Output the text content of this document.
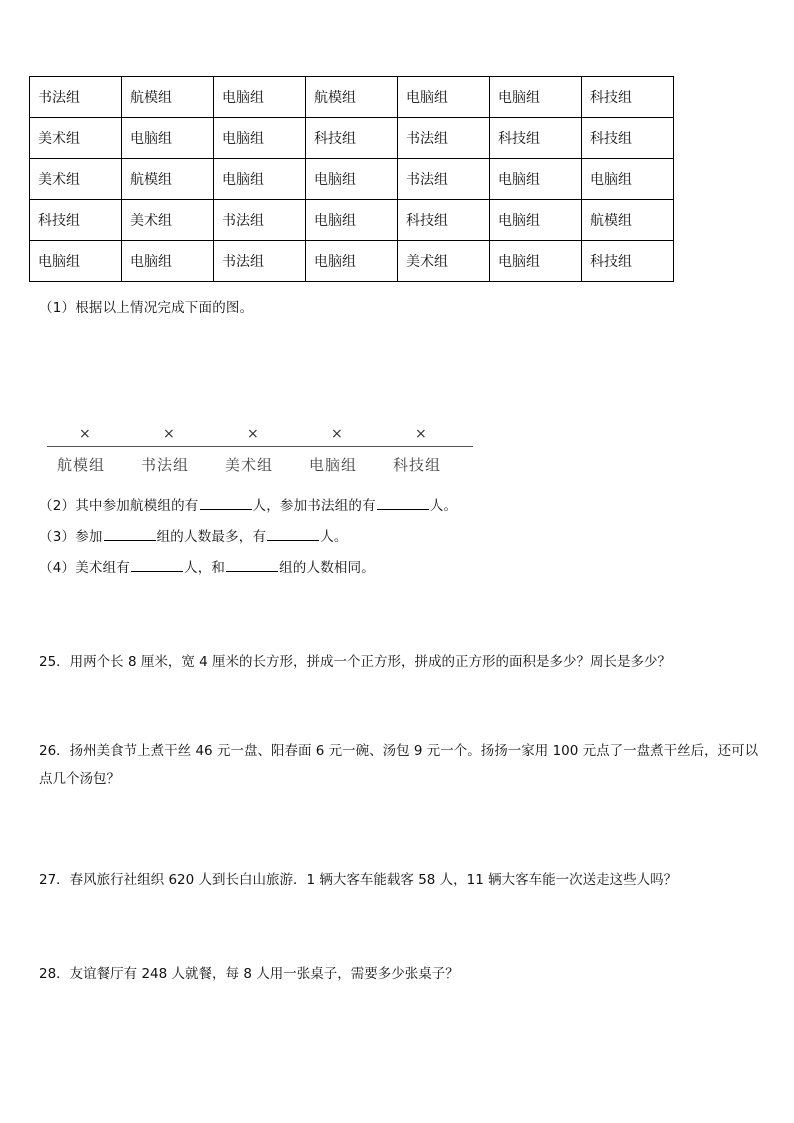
书法组	航模组	电脑组	航模组	电脑组	电脑组	科技组
美术组	电脑组	电脑组	科技组	书法组	科技组	科技组
美术组	航模组	电脑组	电脑组	书法组	电脑组	电脑组
科技组	美术组	书法组	电脑组	科技组	电脑组	航模组
电脑组	电脑组	书法组	电脑组	美术组	电脑组	科技组
（1）根据以上情况完成下面的图。
×	×	×	×	×
航模组 书法组 美术组 电脑组 科技组
（2）其中参加航模组的有	人，参加书法组的有	人。
（3）参加	组的人数最多，有	人。
（4）美术组有	人，和	组的人数相同。
25．用两个长 8 厘米，宽 4 厘米的长方形，拼成一个正方形，拼成的正方形的面积是多少？周长是多少？
26．扬州美食节上煮干丝 46 元一盘、阳春面 6 元一碗、汤包 9 元一个。扬扬一家用 100 元点了一盘煮干丝后，还可以点几个汤包？
27．春风旅行社组织 620 人到长白山旅游．1 辆大客车能载客 58 人，11 辆大客车能一次送走这些人吗？
28．友谊餐厅有 248 人就餐，每 8 人用一张桌子，需要多少张桌子？
